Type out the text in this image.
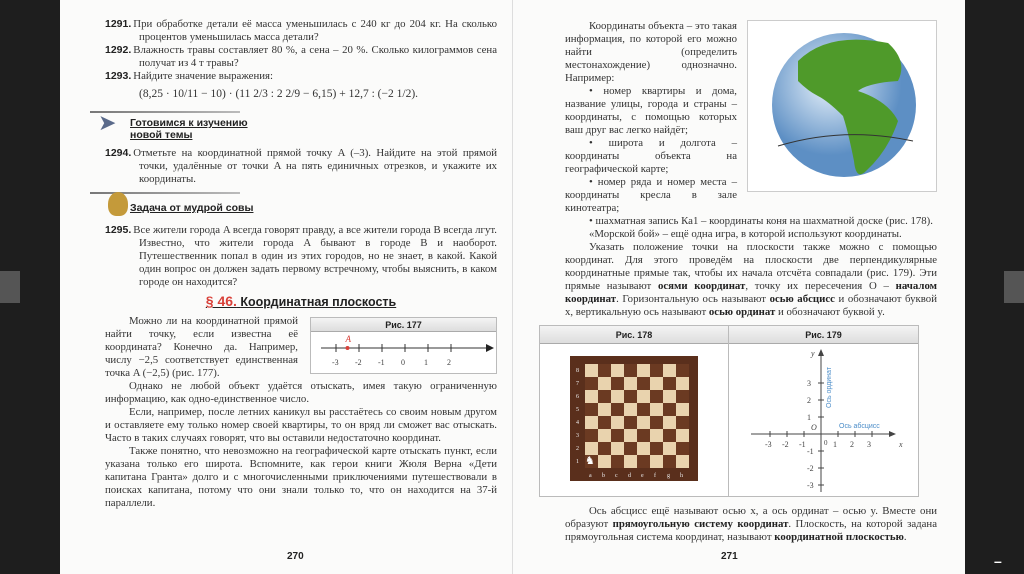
–

1291. При обработке детали её масса уменьшилась с 240 кг до 204 кг. На сколько процентов уменьшилась масса детали?

1292. Влажность травы составляет 80 %, а сена – 20 %. Сколько килограммов сена получат из 4 т травы?

1293. Найдите значение выражения:

(8,25 · 10/11 − 10) · (11 2/3 : 2 2/9 − 6,15) + 12,7 : (−2 1/2).

➤ Готовимся к изучению
новой темы

1294. Отметьте на координатной прямой точку A (–3). Найдите на этой прямой точки, удалённые от точки A на пять единичных отрезков, и укажите их координаты.

Задача от мудрой совы

1295. Все жители города A всегда говорят правду, а все жители города B всегда лгут. Известно, что жители города A бывают в городе B и наоборот. Путешественник попал в один из этих городов, но не знает, в какой. Какой один вопрос он должен задать первому встречному, чтобы выяснить, в каком городе он находится?

§ 46. Координатная плоскость
Рис. 177
-3 -2 -1 0 1 2
A

Можно ли на координатной прямой найти точку, если известна её координата? Конечно да. Например, числу −2,5 соответствует единственная точка A (−2,5) (рис. 177).

Однако не любой объект удаётся отыскать, имея такую ограниченную информацию, как одно-единственное число.

Если, например, после летних каникул вы расстаётесь со своим новым другом и оставляете ему только номер своей квартиры, то он вряд ли сможет вас отыскать. Часто в таких случаях говорят, что вы оставили недостаточно координат.

Также понятно, что невозможно на географической карте отыскать пункт, если указана только его широта. Вспомните, как герои книги Жюля Верна «Дети капитана Гранта» долго и с многочисленными приключениями путешествовали в поисках капитана, потому что они знали только то, что он находится на 37-й параллели.

270

Координаты объекта – это такая информация, по которой его можно найти (определить местонахождение) однозначно. Например:

• номер квартиры и дома, название улицы, города и страны – координаты, с помощью которых ваш друг вас легко найдёт;

• широта и долгота – координаты объекта на географической карте;

• номер ряда и номер места – координаты кресла в зале кинотеатра;

• шахматная запись Ка1 – координаты коня на шахматной доске (рис. 178).

«Морской бой» – ещё одна игра, в которой используют координаты.

Указать положение точки на плоскости также можно с помощью координат. Для этого проведём на плоскости две перпендикулярные координатные прямые так, чтобы их начала отсчёта совпадали (рис. 179). Эти прямые называют осями координат, точку их пересечения O – началом координат. Горизонтальную ось называют осью абсцисс и обозначают буквой x, вертикальную ось называют осью ординат и обозначают буквой y.

Рис. 178
♞
8
7
6
5
4
3
2
1
a b c d e f g h
Рис. 179
-3 -2 -1	1 2 3
3
2
1
-1
-2
-3
O
0	x
y
Ось абсцисс
Ось ординат

Ось абсцисс ещё называют осью x, а ось ординат – осью y. Вместе они образуют прямоугольную систему координат. Плоскость, на которой задана прямоугольная система координат, называют координатной плоскостью.

271
